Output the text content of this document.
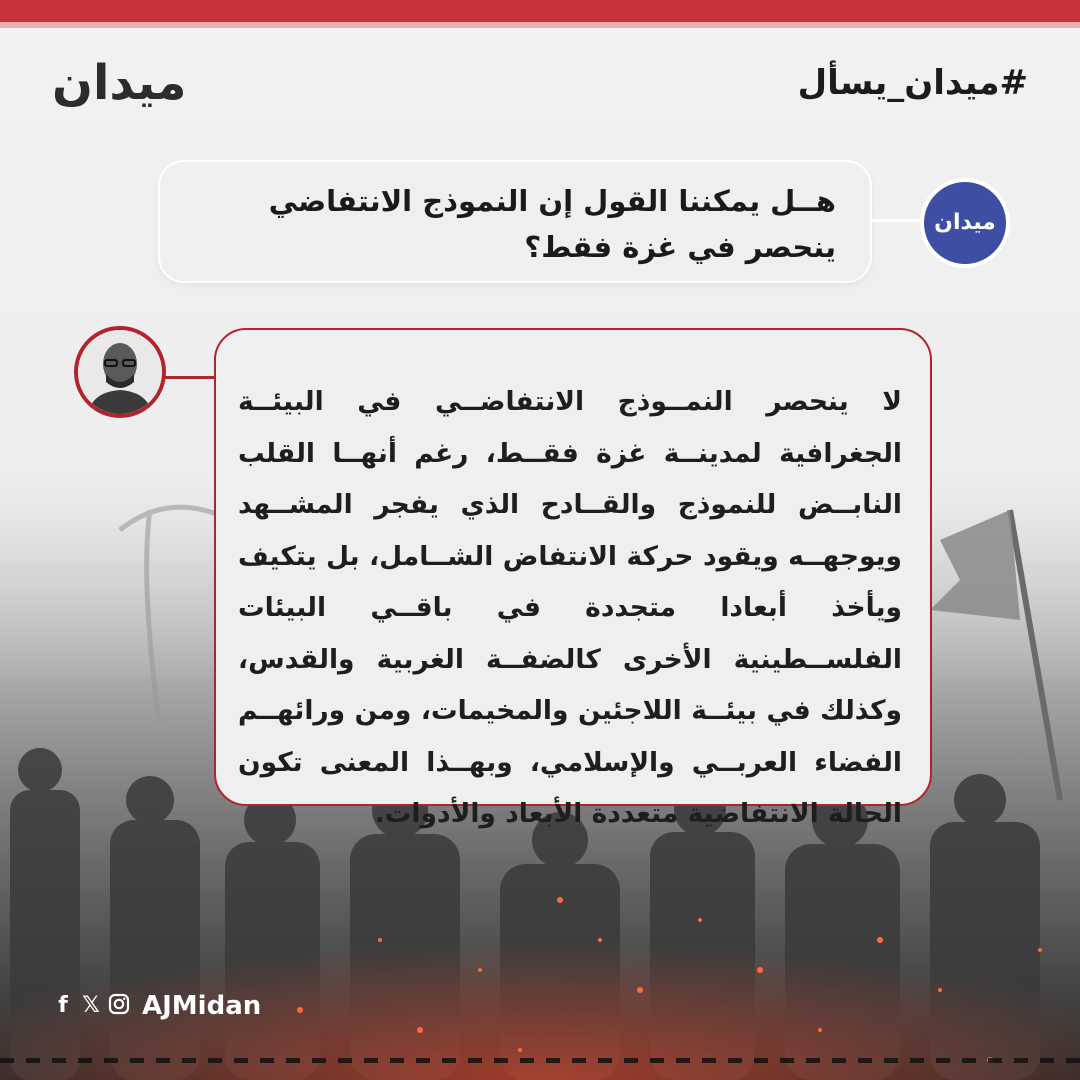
ميدان	#ميدان_يسأل
هــل يمكننا القول إن النموذج الانتفاضي ينحصر في غزة فقط؟
ميدان
لا ينحصر النمــوذج الانتفاضــي في البيئــة الجغرافية لمدينــة غزة فقــط، رغم أنهــا القلب النابــض للنموذج والقــادح الذي يفجر المشــهد ويوجهــه ويقود حركة الانتفاض الشــامل، بل يتكيف ويأخذ أبعادا متجددة في باقــي البيئات الفلســطينية الأخرى كالضفــة الغربية والقدس، وكذلك في بيئــة اللاجئين والمخيمات، ومن ورائهــم الفضاء العربــي والإسلامي، وبهــذا المعنى تكون الحالة الانتفاضية متعددة الأبعاد والأدوات.
f 𝕏 AJMidan
